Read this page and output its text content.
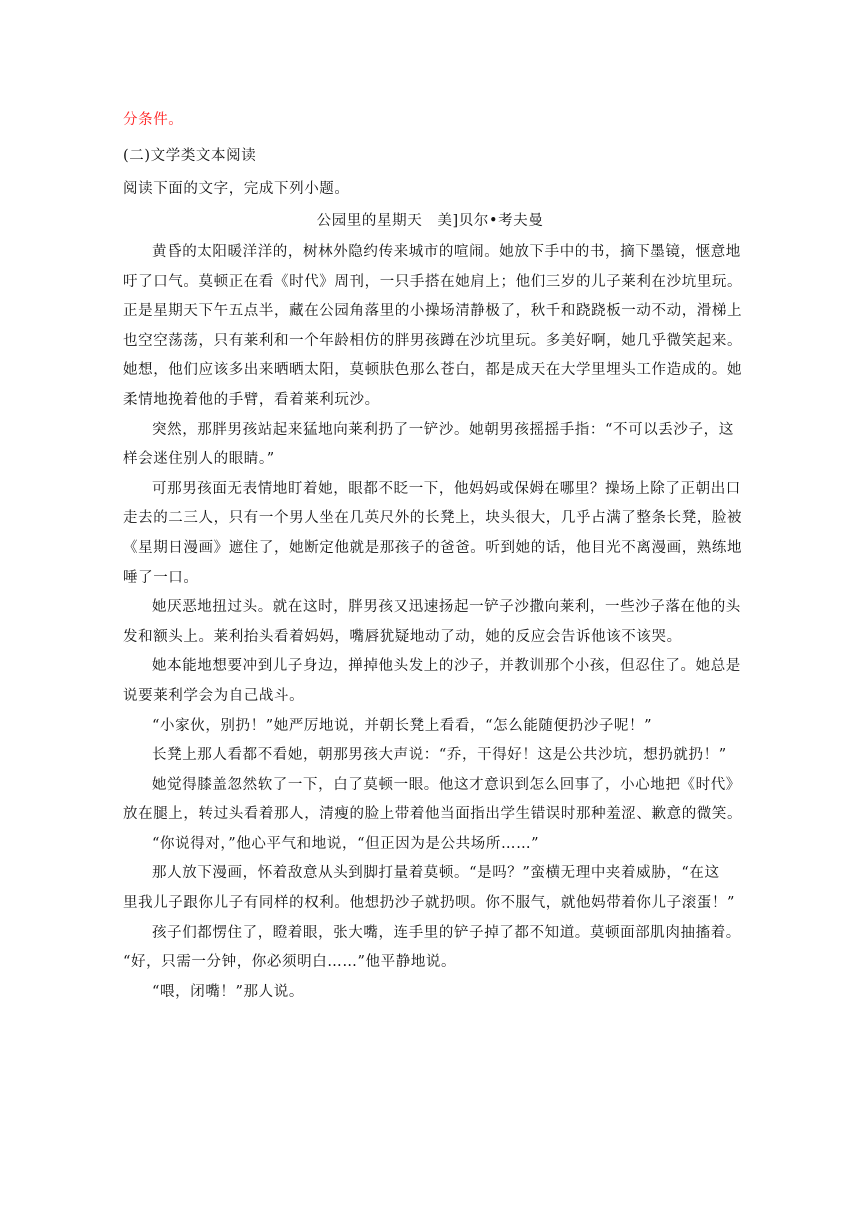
分条件。
(二)文学类文本阅读
阅读下面的文字，完成下列小题。
公园里的星期天　美]贝尔•考夫曼
黄昏的太阳暖洋洋的，树林外隐约传来城市的喧闹。她放下手中的书，摘下墨镜，惬意地
吁了口气。莫顿正在看《时代》周刊，一只手搭在她肩上；他们三岁的儿子莱利在沙坑里玩。
正是星期天下午五点半，藏在公园角落里的小操场清静极了，秋千和跷跷板一动不动，滑梯上
也空空荡荡，只有莱利和一个年龄相仿的胖男孩蹲在沙坑里玩。多美好啊，她几乎微笑起来。
她想，他们应该多出来晒晒太阳，莫顿肤色那么苍白，都是成天在大学里埋头工作造成的。她
柔情地挽着他的手臂，看着莱利玩沙。
突然，那胖男孩站起来猛地向莱利扔了一铲沙。她朝男孩摇摇手指：“不可以丢沙子，这
样会迷住别人的眼睛。”
可那男孩面无表情地盯着她，眼都不眨一下，他妈妈或保姆在哪里？操场上除了正朝出口
走去的二三人，只有一个男人坐在几英尺外的长凳上，块头很大，几乎占满了整条长凳，脸被
《星期日漫画》遮住了，她断定他就是那孩子的爸爸。听到她的话，他目光不离漫画，熟练地
唾了一口。
她厌恶地扭过头。就在这时，胖男孩又迅速扬起一铲子沙撒向莱利，一些沙子落在他的头
发和额头上。莱利抬头看着妈妈，嘴唇犹疑地动了动，她的反应会告诉他该不该哭。
她本能地想要冲到儿子身边，掸掉他头发上的沙子，并教训那个小孩，但忍住了。她总是
说要莱利学会为自己战斗。
“小家伙，别扔！”她严厉地说，并朝长凳上看看，“怎么能随便扔沙子呢！”
长凳上那人看都不看她，朝那男孩大声说：“乔，干得好！这是公共沙坑，想扔就扔！”
她觉得膝盖忽然软了一下，白了莫顿一眼。他这才意识到怎么回事了，小心地把《时代》
放在腿上，转过头看着那人，清瘦的脸上带着他当面指出学生错误时那种羞涩、歉意的微笑。
“你说得对，”他心平气和地说，“但正因为是公共场所……”
那人放下漫画，怀着敌意从头到脚打量着莫顿。“是吗？”蛮横无理中夹着威胁，“在这
里我儿子跟你儿子有同样的权利。他想扔沙子就扔呗。你不服气，就他妈带着你儿子滚蛋！”
孩子们都愣住了，瞪着眼，张大嘴，连手里的铲子掉了都不知道。莫顿面部肌肉抽搐着。
“好，只需一分钟，你必须明白……”他平静地说。
“喂，闭嘴！”那人说。
